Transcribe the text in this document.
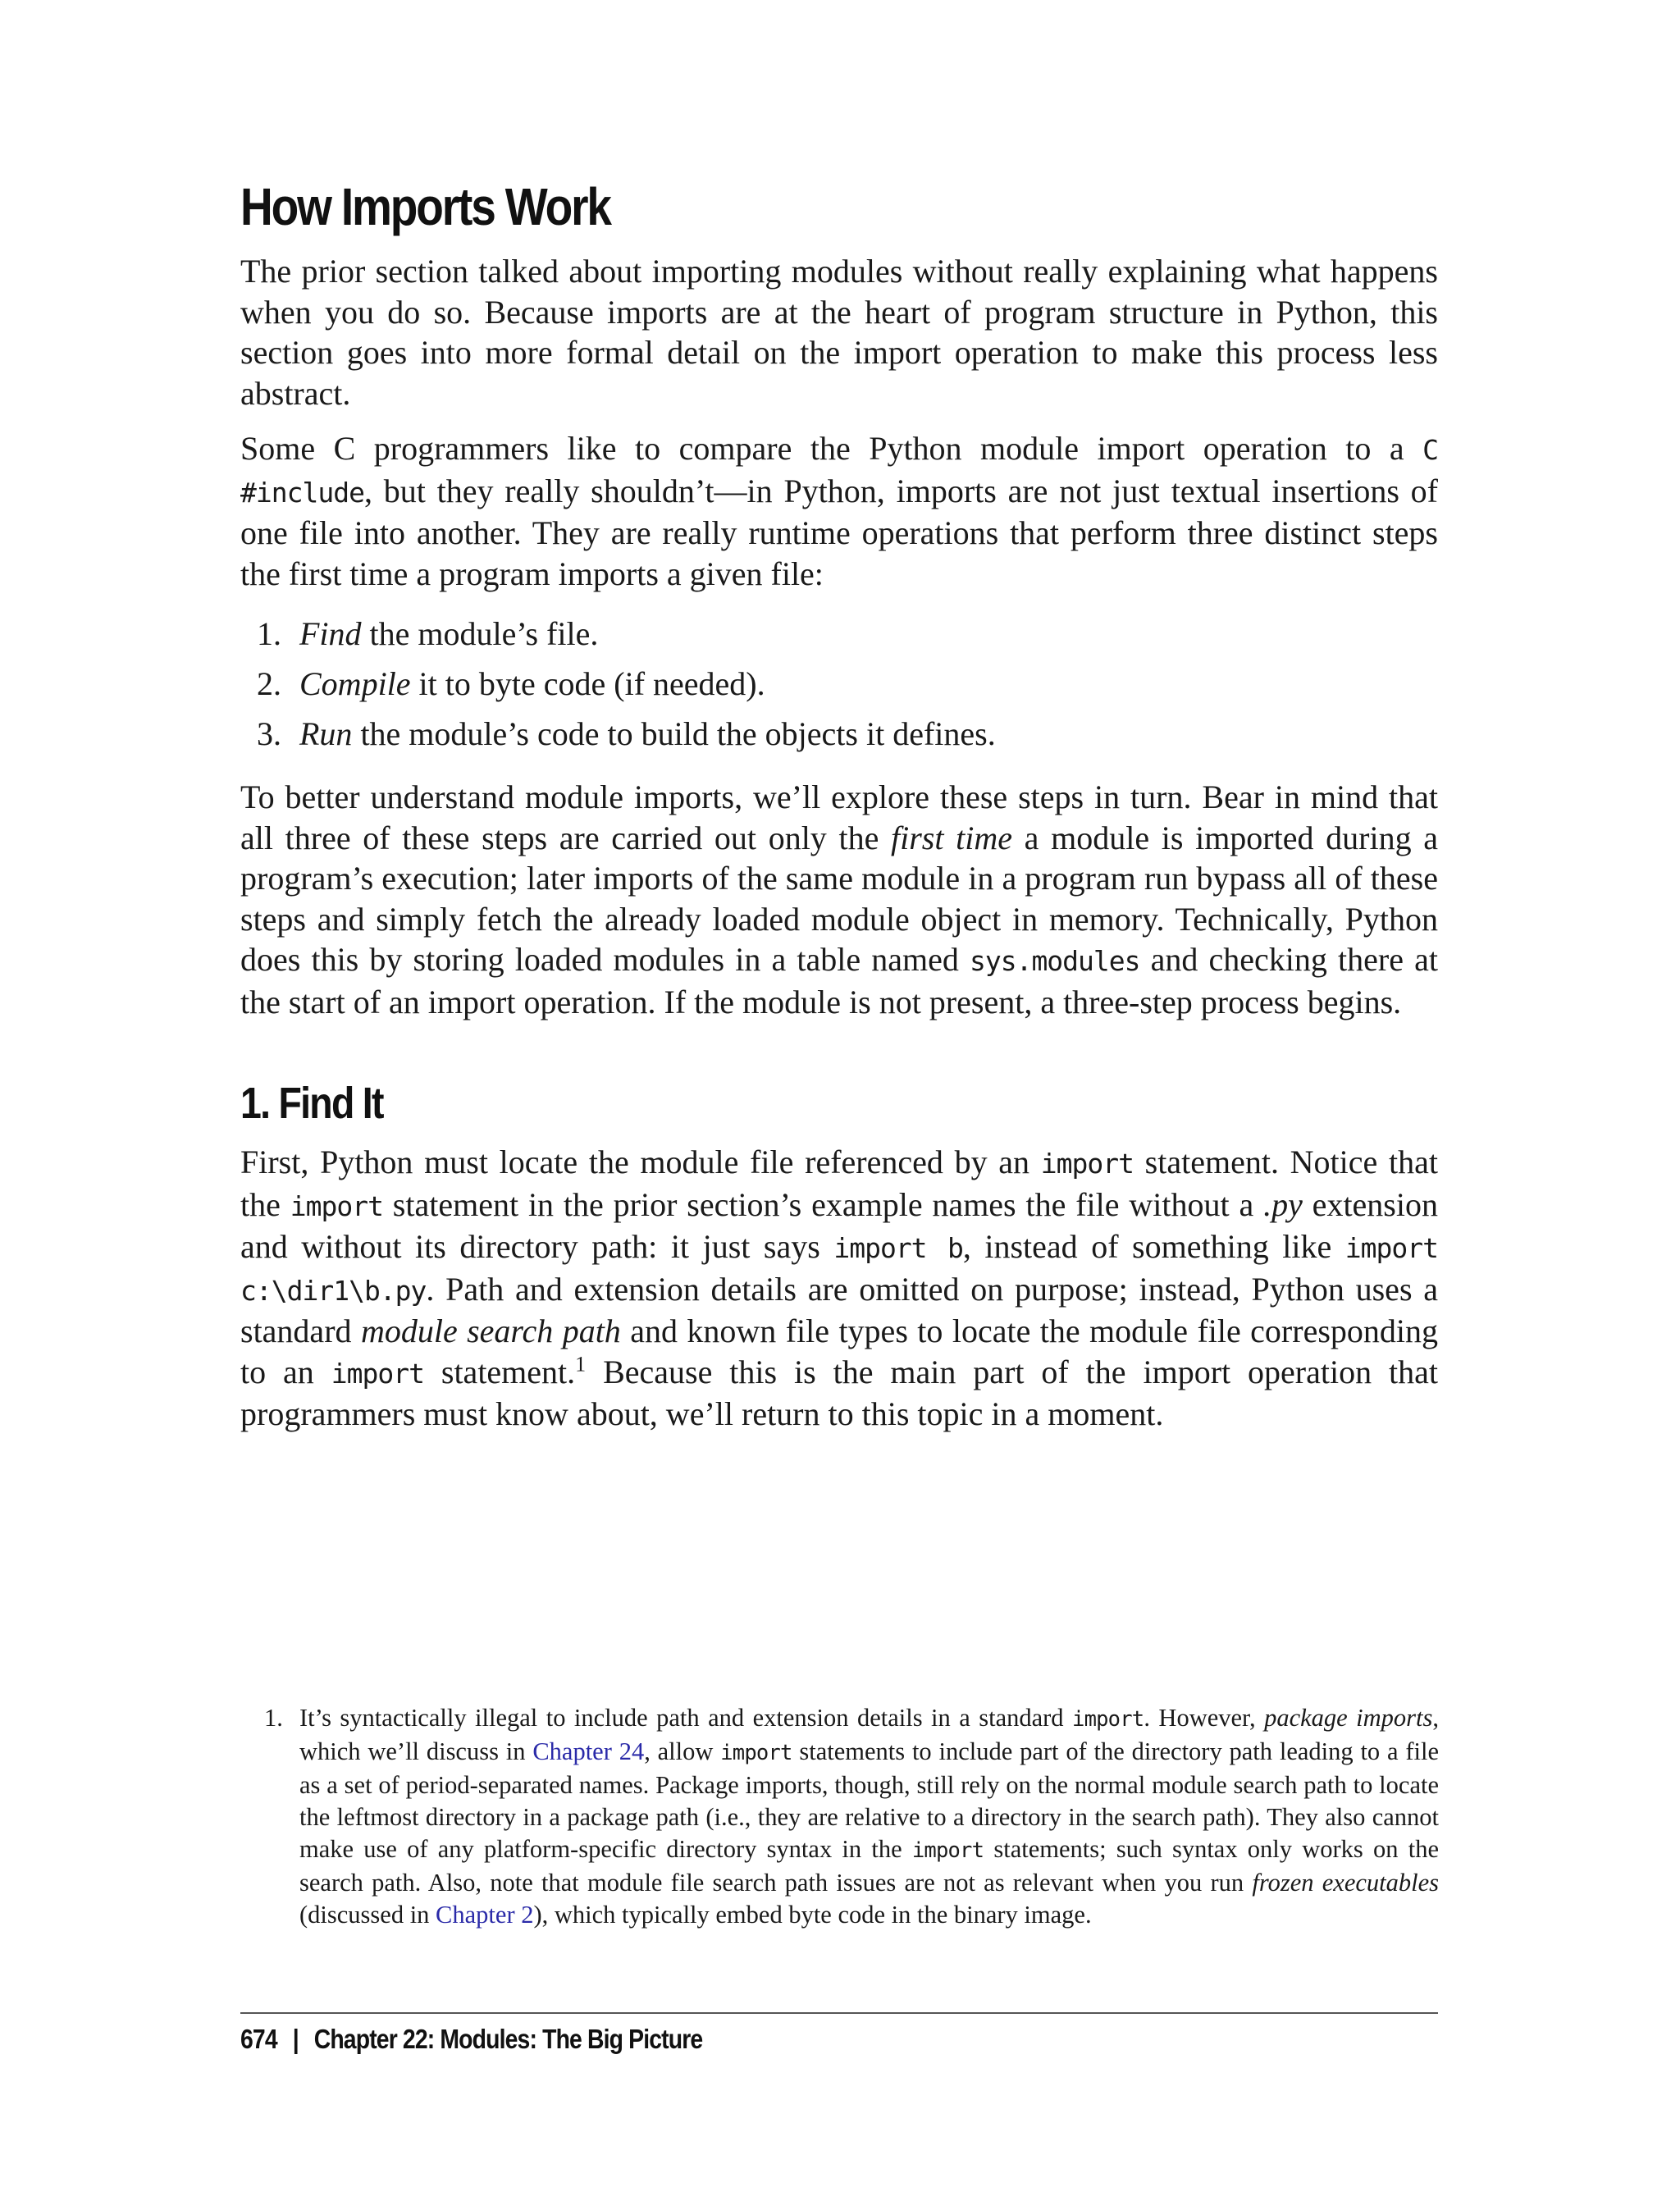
How Imports Work

The prior section talked about importing modules without really explaining what happens when you do so. Because imports are at the heart of program structure in Python, this section goes into more formal detail on the import operation to make this process less abstract.

Some C programmers like to compare the Python module import operation to a C #include, but they really shouldn’t—in Python, imports are not just textual insertions of one file into another. They are really runtime operations that perform three distinct steps the first time a program imports a given file:

1. Find the module’s file.
2. Compile it to byte code (if needed).
3. Run the module’s code to build the objects it defines.

To better understand module imports, we’ll explore these steps in turn. Bear in mind that all three of these steps are carried out only the first time a module is imported during a program’s execution; later imports of the same module in a program run bypass all of these steps and simply fetch the already loaded module object in memory. Technically, Python does this by storing loaded modules in a table named sys.modules and checking there at the start of an import operation. If the module is not present, a three-step process begins.

1. Find It

First, Python must locate the module file referenced by an import statement. Notice that the import statement in the prior section’s example names the file without a .py extension and without its directory path: it just says import b, instead of something like import c:\dir1\b.py. Path and extension details are omitted on purpose; instead, Python uses a standard module search path and known file types to locate the module file corresponding to an import statement.$^1$ Because this is the main part of the import operation that programmers must know about, we’ll return to this topic in a moment.

1. It’s syntactically illegal to include path and extension details in a standard import. However, package imports, which we’ll discuss in Chapter 24, allow import statements to include part of the directory path leading to a file as a set of period-separated names. Package imports, though, still rely on the normal module search path to locate the leftmost directory in a package path (i.e., they are relative to a directory in the search path). They also cannot make use of any platform-specific directory syntax in the import statements; such syntax only works on the search path. Also, note that module file search path issues are not as relevant when you run frozen executables (discussed in Chapter 2), which typically embed byte code in the binary image.
674 | Chapter 22: Modules: The Big Picture
